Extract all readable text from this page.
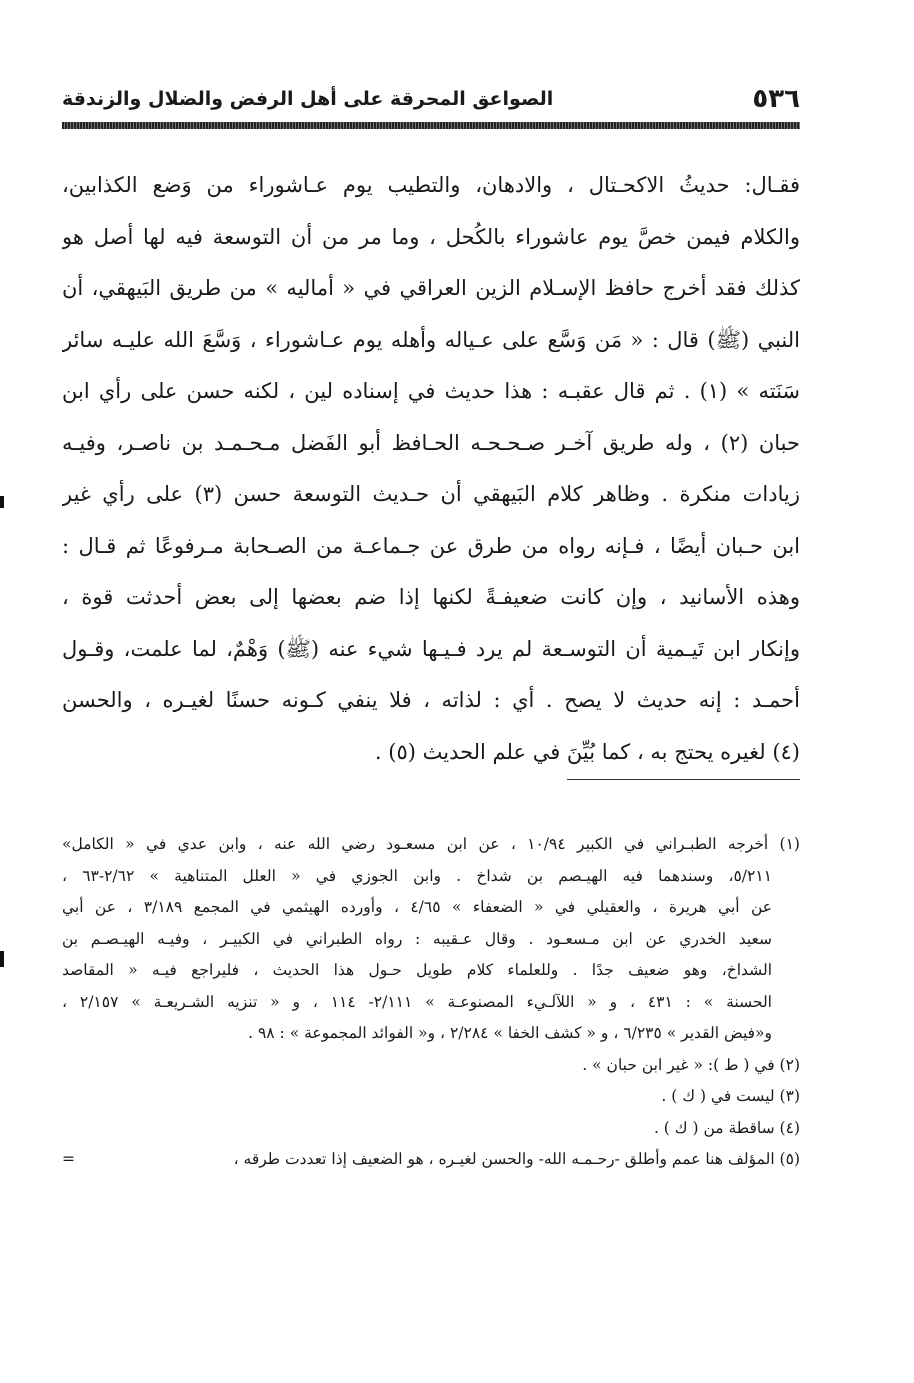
٥٣٦
الصواعق المحرقة على أهل الرفض والضلال والزندقة

فقـال: حديثُ الاكحـتال ، والادهان، والتطيب يوم عـاشوراء من وَضع الكذابين،

والكلام فيمن خصَّ يوم عاشوراء بالكُحل ، وما مر من أن التوسعة فيه لها أصل هو

كذلك فقد أخرج حافظ الإسـلام الزين العراقي في « أماليه » من طريق البَيهقي، أن

النبي (ﷺ) قال : « مَن وَسَّع على عـياله وأهله يوم عـاشوراء ، وَسَّعَ الله عليـه سائر

سَنَته » (١) . ثم قال عقبـه : هذا حديث في إسناده لين ، لكنه حسن على رأي ابن

حبان (٢) ، وله طريق آخـر صـحـحـه الحـافظ أبو الفَضل مـحـمـد بن ناصـر، وفيـه

زيادات منكرة . وظاهر كلام البَيهقي أن حـديث التوسعة حسن (٣) على رأي غير

ابن حـبان أيضًا ، فـإنه رواه من طرق عن جـماعـة من الصـحابة مـرفوعًا ثم قـال :

وهذه الأسانيد ، وإن كانت ضعيفـةً لكنها إذا ضم بعضها إلى بعض أحدثت قوة ،

وإنكار ابن تَيـمية أن التوسـعة لم يرد فـيـها شيء عنه (ﷺ) وَهْمٌ، لما علمت، وقـول

أحمـد : إنه حديث لا يصح . أي : لذاته ، فلا ينفي كـونه حسنًا لغيـره ، والحسن

(٤) لغيره يحتج به ، كما بُيِّنَ في علم الحديث (٥) .

(١) أخرجه الطبـراني في الكبير ١٠/٩٤ ، عن ابن مسعـود رضي الله عنه ، وابن عدي في « الكامل»
٥/٢١١، وسندهما فيه الهيـصم بن شداخ . وابن الجوزي في « العلل المتناهية » ٢/٦٢-٦٣ ،
عن أبي هريرة ، والعقيلي في « الضعفاء » ٤/٦٥ ، وأورده الهيثمي في المجمع ٣/١٨٩ ، عن أبي
سعيد الخدري عن ابن مـسعـود . وقال عـقيبه : رواه الطبراني في الكبيـر ، وفيـه الهيـصـم بن
الشداخ، وهو ضعيف جدًا . وللعلماء كلام طويل حـول هذا الحديث ، فليراجع فيـه « المقاصد
الحسنة » : ٤٣١ ، و « اللآلـيء المصنوعـة » ٢/١١١- ١١٤ ، و « تنزيه الشـريعـة » ٢/١٥٧ ،
و«فيض القدير » ٦/٢٣٥ ، و « كشف الخفا » ٢/٢٨٤ ، و« الفوائد المجموعة » : ٩٨ .
(٢) في ( ط ): « غير ابن حبان » .
(٣) ليست في ( ك ) .
(٤) ساقطة من ( ك ) .
(٥) المؤلف هنا عمم وأطلق -رحـمـه الله- والحسن لغيـره ، هو الضعيف إذا تعددت طرقه ،
=
